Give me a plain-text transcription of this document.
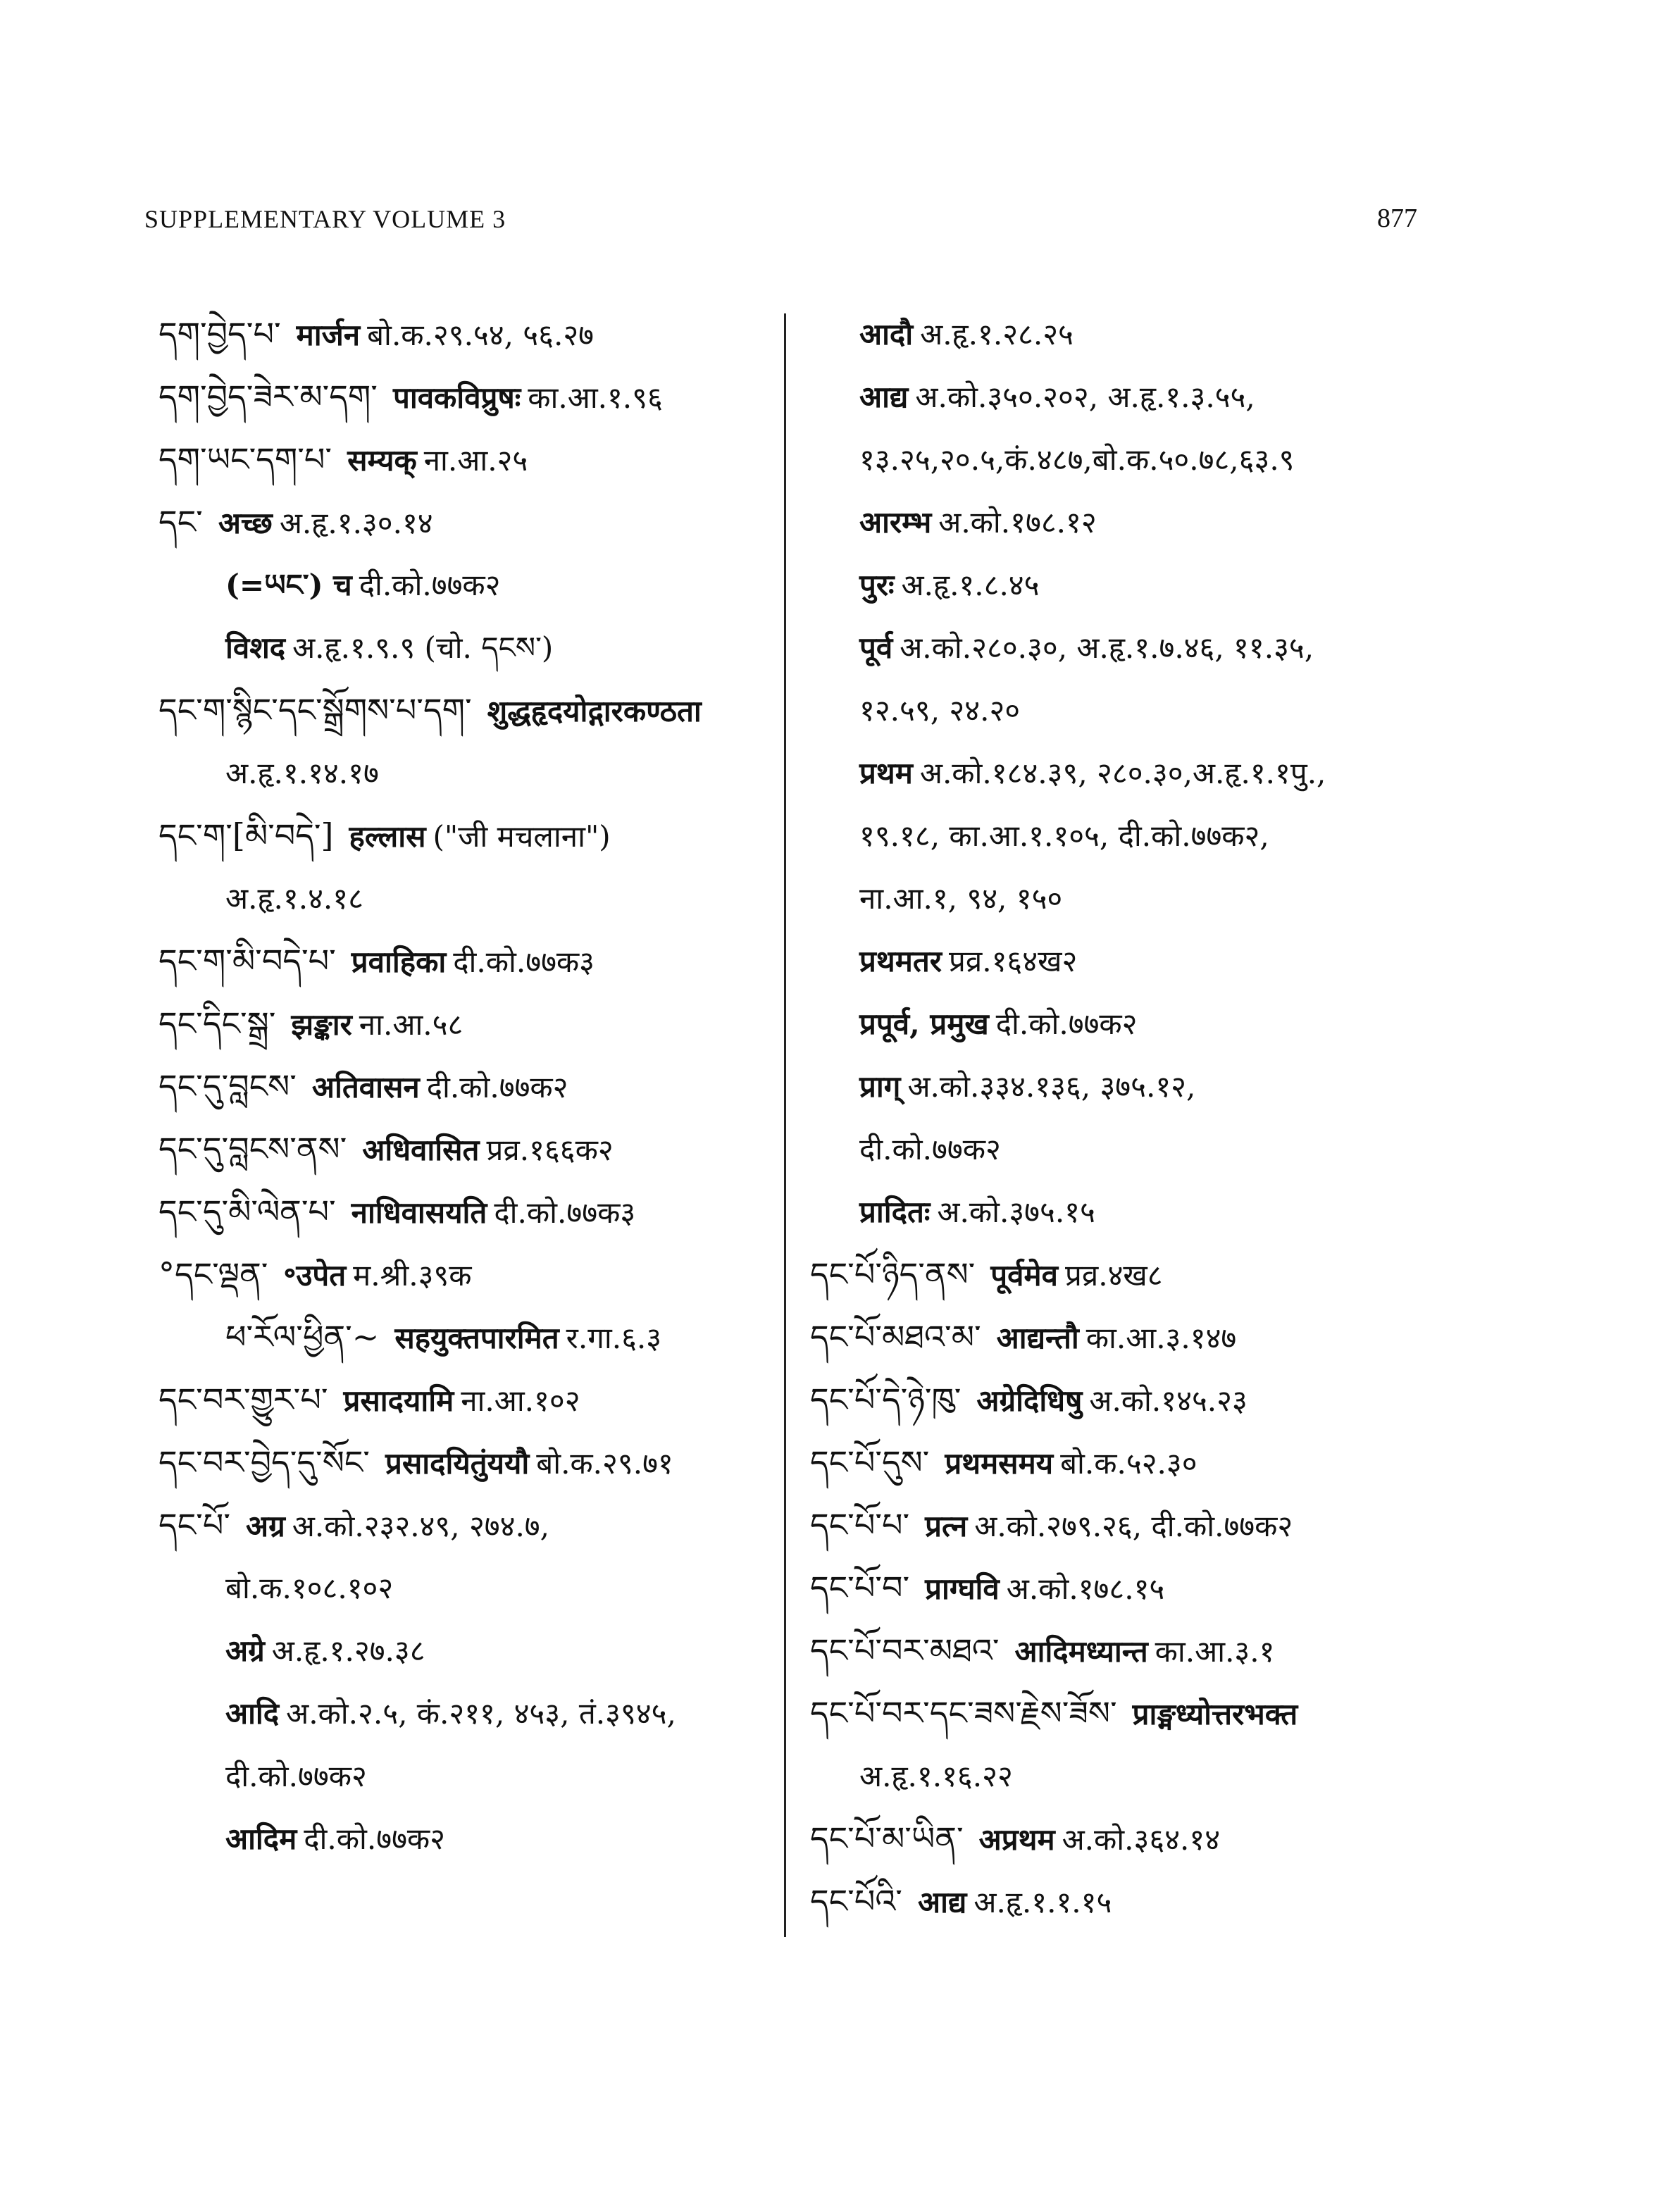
SUPPLEMENTARY VOLUME 3	877
དག་བྱེད་པ་ मार्जन बो.क.२९.५४, ५६.२७
དག་བྱེད་ཟེར་མ་དག་ पावकविप्रुषः का.आ.१.९६
དག་ཡང་དག་པ་ सम्यक् ना.आ.२५
དང་ अच्छ अ.हृ.१.३०.१४
(=ཡང་) च दी.को.७७क२
विशद अ.हृ.१.९.९ (चो. དངས་)
དང་ག་སྙིང་དང་སྒྲོགས་པ་དག་ शुद्धहृदयोद्गारकण्ठता
अ.हृ.१.१४.१७
དང་ག་[མི་བདེ་] हल्लास ("जी मचलाना")
अ.हृ.१.४.१८
དང་ག་མི་བདེ་པ་ प्रवाहिका दी.को.७७क३
དང་དིང་སྒྲ་ झङ्कार ना.आ.५८
དང་དུ་བླངས་ अतिवासन दी.को.७७क२
དང་དུ་བླངས་ནས་ अधिवासित प्रव्र.१६६क२
དང་དུ་མི་ལེན་པ་ नाधिवासयति दी.को.७७क३
°དང་ལྡན་ ॰उपेत म.श्री.३९क
ཕ་རོལ་ཕྱིན་~ सहयुक्तपारमित र.गा.६.३
དང་བར་གྱུར་པ་ प्रसादयामि ना.आ.१०२
དང་བར་བྱེད་དུ་སོང་ प्रसादयितुंययौ बो.क.२९.७१
དང་པོ་ अग्र अ.को.२३२.४९, २७४.७,
बो.क.१०८.१०२
अग्रे अ.हृ.१.२७.३८
आदि अ.को.२.५, कं.२११, ४५३, तं.३९४५,
दी.को.७७क२
आदिम दी.को.७७क२
आदौ अ.हृ.१.२८.२५
आद्य अ.को.३५०.२०२, अ.हृ.१.३.५५,
१३.२५,२०.५,कं.४८७,बो.क.५०.७८,६३.९
आरम्भ अ.को.१७८.१२
पुरः अ.हृ.१.८.४५
पूर्व अ.को.२८०.३०, अ.हृ.१.७.४६, ११.३५,
१२.५९, २४.२०
प्रथम अ.को.१८४.३९, २८०.३०,अ.हृ.१.१पु.,
१९.१८, का.आ.१.१०५, दी.को.७७क२,
ना.आ.१, ९४, १५०
प्रथमतर प्रव्र.१६४ख२
प्रपूर्व, प्रमुख दी.को.७७क२
प्राग् अ.को.३३४.१३६, ३७५.१२,
दी.को.७७क२
प्रादितः अ.को.३७५.१५
དང་པོ་ཉིད་ནས་ पूर्वमेव प्रव्र.४ख८
དང་པོ་མཐའ་མ་ आद्यन्तौ का.आ.३.१४७
དང་པོ་དེ་ཉེ་ཁུ་ अग्रेदिधिषु अ.को.१४५.२३
དང་པོ་དུས་ प्रथमसमय बो.क.५२.३०
དང་པོ་པ་ प्रत्न अ.को.२७९.२६, दी.को.७७क२
དང་པོ་བ་ प्राग्घवि अ.को.१७८.१५
དང་པོ་བར་མཐའ་ आदिमध्यान्त का.आ.३.१
དང་པོ་བར་དང་ཟས་རྗེས་ཟོས་ प्राङ्मध्योत्तरभक्त
अ.हृ.१.१६.२२
དང་པོ་མ་ཡིན་ अप्रथम अ.को.३६४.१४
དང་པོའི་ आद्य अ.हृ.१.१.१५
